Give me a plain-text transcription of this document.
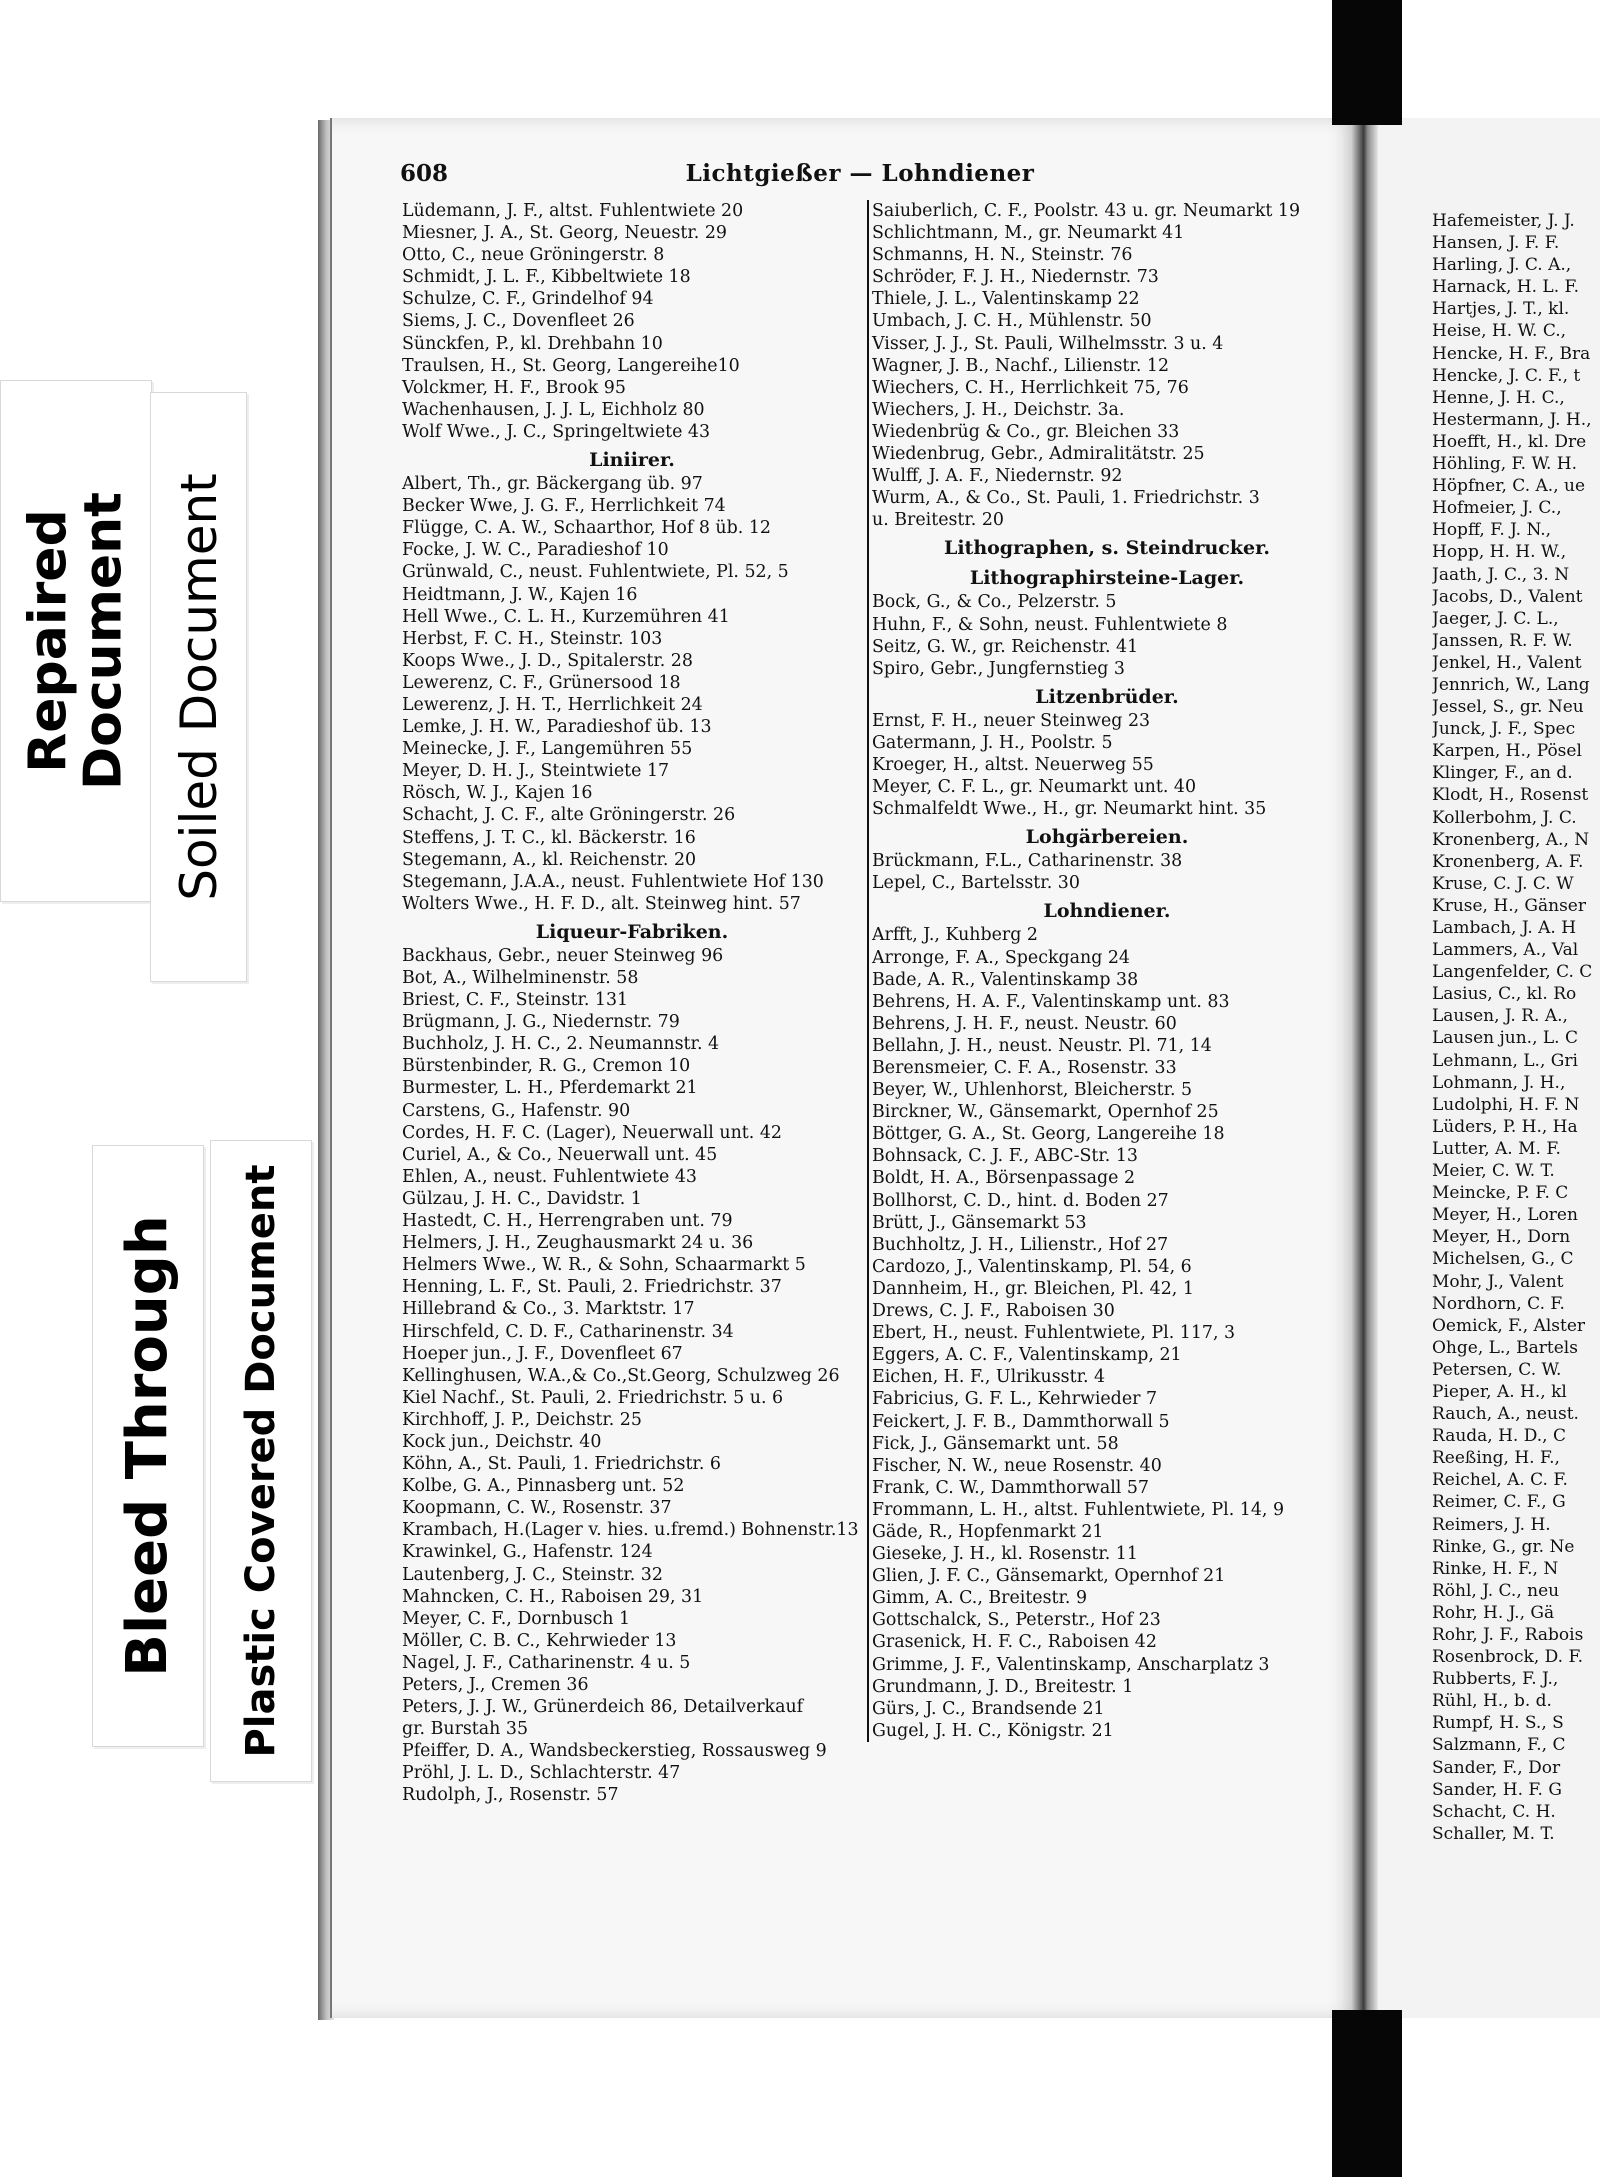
Repaired Document Soiled Document
Bleed Through Plastic Covered Document
608	Lichtgießer — Lohndiener
Lüdemann, J. F., altst. Fuhlentwiete 20
Miesner, J. A., St. Georg, Neuestr. 29
Otto, C., neue Gröningerstr. 8
Schmidt, J. L. F., Kibbeltwiete 18
Schulze, C. F., Grindelhof 94
Siems, J. C., Dovenfleet 26
Sünckfen, P., kl. Drehbahn 10
Traulsen, H., St. Georg, Langereihe10
Volckmer, H. F., Brook 95
Wachenhausen, J. J. L, Eichholz 80
Wolf Wwe., J. C., Springeltwiete 43
Liniirer.
Albert, Th., gr. Bäckergang üb. 97
Becker Wwe, J. G. F., Herrlichkeit 74
Flügge, C. A. W., Schaarthor, Hof 8 üb. 12
Focke, J. W. C., Paradieshof 10
Grünwald, C., neust. Fuhlentwiete, Pl. 52, 5
Heidtmann, J. W., Kajen 16
Hell Wwe., C. L. H., Kurzemühren 41
Herbst, F. C. H., Steinstr. 103
Koops Wwe., J. D., Spitalerstr. 28
Lewerenz, C. F., Grünersood 18
Lewerenz, J. H. T., Herrlichkeit 24
Lemke, J. H. W., Paradieshof üb. 13
Meinecke, J. F., Langemühren 55
Meyer, D. H. J., Steintwiete 17
Rösch, W. J., Kajen 16
Schacht, J. C. F., alte Gröningerstr. 26
Steffens, J. T. C., kl. Bäckerstr. 16
Stegemann, A., kl. Reichenstr. 20
Stegemann, J.A.A., neust. Fuhlentwiete Hof 130
Wolters Wwe., H. F. D., alt. Steinweg hint. 57
Liqueur-Fabriken.
Backhaus, Gebr., neuer Steinweg 96
Bot, A., Wilhelminenstr. 58
Briest, C. F., Steinstr. 131
Brügmann, J. G., Niedernstr. 79
Buchholz, J. H. C., 2. Neumannstr. 4
Bürstenbinder, R. G., Cremon 10
Burmester, L. H., Pferdemarkt 21
Carstens, G., Hafenstr. 90
Cordes, H. F. C. (Lager), Neuerwall unt. 42
Curiel, A., & Co., Neuerwall unt. 45
Ehlen, A., neust. Fuhlentwiete 43
Gülzau, J. H. C., Davidstr. 1
Hastedt, C. H., Herrengraben unt. 79
Helmers, J. H., Zeughausmarkt 24 u. 36
Helmers Wwe., W. R., & Sohn, Schaarmarkt 5
Henning, L. F., St. Pauli, 2. Friedrichstr. 37
Hillebrand & Co., 3. Marktstr. 17
Hirschfeld, C. D. F., Catharinenstr. 34
Hoeper jun., J. F., Dovenfleet 67
Kellinghusen, W.A.,& Co.,St.Georg, Schulzweg 26
Kiel Nachf., St. Pauli, 2. Friedrichstr. 5 u. 6
Kirchhoff, J. P., Deichstr. 25
Kock jun., Deichstr. 40
Köhn, A., St. Pauli, 1. Friedrichstr. 6
Kolbe, G. A., Pinnasberg unt. 52
Koopmann, C. W., Rosenstr. 37
Krambach, H.(Lager v. hies. u.fremd.) Bohnenstr.13
Krawinkel, G., Hafenstr. 124
Lautenberg, J. C., Steinstr. 32
Mahncken, C. H., Raboisen 29, 31
Meyer, C. F., Dornbusch 1
Möller, C. B. C., Kehrwieder 13
Nagel, J. F., Catharinenstr. 4 u. 5
Peters, J., Cremen 36
Peters, J. J. W., Grünerdeich 86, Detailverkauf
gr. Burstah 35
Pfeiffer, D. A., Wandsbeckerstieg, Rossausweg 9
Pröhl, J. L. D., Schlachterstr. 47
Rudolph, J., Rosenstr. 57
Saiuberlich, C. F., Poolstr. 43 u. gr. Neumarkt 19
Schlichtmann, M., gr. Neumarkt 41
Schmanns, H. N., Steinstr. 76
Schröder, F. J. H., Niedernstr. 73
Thiele, J. L., Valentinskamp 22
Umbach, J. C. H., Mühlenstr. 50
Visser, J. J., St. Pauli, Wilhelmsstr. 3 u. 4
Wagner, J. B., Nachf., Lilienstr. 12
Wiechers, C. H., Herrlichkeit 75, 76
Wiechers, J. H., Deichstr. 3a.
Wiedenbrüg & Co., gr. Bleichen 33
Wiedenbrug, Gebr., Admiralitätstr. 25
Wulff, J. A. F., Niedernstr. 92
Wurm, A., & Co., St. Pauli, 1. Friedrichstr. 3
u. Breitestr. 20
Lithographen, s. Steindrucker.
Lithographirsteine-Lager.
Bock, G., & Co., Pelzerstr. 5
Huhn, F., & Sohn, neust. Fuhlentwiete 8
Seitz, G. W., gr. Reichenstr. 41
Spiro, Gebr., Jungfernstieg 3
Litzenbrüder.
Ernst, F. H., neuer Steinweg 23
Gatermann, J. H., Poolstr. 5
Kroeger, H., altst. Neuerweg 55
Meyer, C. F. L., gr. Neumarkt unt. 40
Schmalfeldt Wwe., H., gr. Neumarkt hint. 35
Lohgärbereien.
Brückmann, F.L., Catharinenstr. 38
Lepel, C., Bartelsstr. 30
Lohndiener.
Arfft, J., Kuhberg 2
Arronge, F. A., Speckgang 24
Bade, A. R., Valentinskamp 38
Behrens, H. A. F., Valentinskamp unt. 83
Behrens, J. H. F., neust. Neustr. 60
Bellahn, J. H., neust. Neustr. Pl. 71, 14
Berensmeier, C. F. A., Rosenstr. 33
Beyer, W., Uhlenhorst, Bleicherstr. 5
Birckner, W., Gänsemarkt, Opernhof 25
Böttger, G. A., St. Georg, Langereihe 18
Bohnsack, C. J. F., ABC-Str. 13
Boldt, H. A., Börsenpassage 2
Bollhorst, C. D., hint. d. Boden 27
Brütt, J., Gänsemarkt 53
Buchholtz, J. H., Lilienstr., Hof 27
Cardozo, J., Valentinskamp, Pl. 54, 6
Dannheim, H., gr. Bleichen, Pl. 42, 1
Drews, C. J. F., Raboisen 30
Ebert, H., neust. Fuhlentwiete, Pl. 117, 3
Eggers, A. C. F., Valentinskamp, 21
Eichen, H. F., Ulrikusstr. 4
Fabricius, G. F. L., Kehrwieder 7
Feickert, J. F. B., Dammthorwall 5
Fick, J., Gänsemarkt unt. 58
Fischer, N. W., neue Rosenstr. 40
Frank, C. W., Dammthorwall 57
Frommann, L. H., altst. Fuhlentwiete, Pl. 14, 9
Gäde, R., Hopfenmarkt 21
Gieseke, J. H., kl. Rosenstr. 11
Glien, J. F. C., Gänsemarkt, Opernhof 21
Gimm, A. C., Breitestr. 9
Gottschalck, S., Peterstr., Hof 23
Grasenick, H. F. C., Raboisen 42
Grimme, J. F., Valentinskamp, Anscharplatz 3
Grundmann, J. D., Breitestr. 1
Gürs, J. C., Brandsende 21
Gugel, J. H. C., Königstr. 21
Hafemeister, J. J.
Hansen, J. F. F.
Harling, J. C. A.,
Harnack, H. L. F.
Hartjes, J. T., kl.
Heise, H. W. C.,
Hencke, H. F., Bra
Hencke, J. C. F., t
Henne, J. H. C.,
Hestermann, J. H.,
Hoefft, H., kl. Dre
Höhling, F. W. H.
Höpfner, C. A., ue
Hofmeier, J. C.,
Hopff, F. J. N.,
Hopp, H. H. W.,
Jaath, J. C., 3. N
Jacobs, D., Valent
Jaeger, J. C. L.,
Janssen, R. F. W.
Jenkel, H., Valent
Jennrich, W., Lang
Jessel, S., gr. Neu
Junck, J. F., Spec
Karpen, H., Pösel
Klinger, F., an d.
Klodt, H., Rosenst
Kollerbohm, J. C.
Kronenberg, A., N
Kronenberg, A. F.
Kruse, C. J. C. W
Kruse, H., Gänser
Lambach, J. A. H
Lammers, A., Val
Langenfelder, C. C
Lasius, C., kl. Ro
Lausen, J. R. A.,
Lausen jun., L. C
Lehmann, L., Gri
Lohmann, J. H.,
Ludolphi, H. F. N
Lüders, P. H., Ha
Lutter, A. M. F.
Meier, C. W. T.
Meincke, P. F. C
Meyer, H., Loren
Meyer, H., Dorn
Michelsen, G., C
Mohr, J., Valent
Nordhorn, C. F.
Oemick, F., Alster
Ohge, L., Bartels
Petersen, C. W.
Pieper, A. H., kl
Rauch, A., neust.
Rauda, H. D., C
Reeßing, H. F.,
Reichel, A. C. F.
Reimer, C. F., G
Reimers, J. H.
Rinke, G., gr. Ne
Rinke, H. F., N
Röhl, J. C., neu
Rohr, H. J., Gä
Rohr, J. F., Rabois
Rosenbrock, D. F.
Rubberts, F. J.,
Rühl, H., b. d.
Rumpf, H. S., S
Salzmann, F., C
Sander, F., Dor
Sander, H. F. G
Schacht, C. H.
Schaller, M. T.
